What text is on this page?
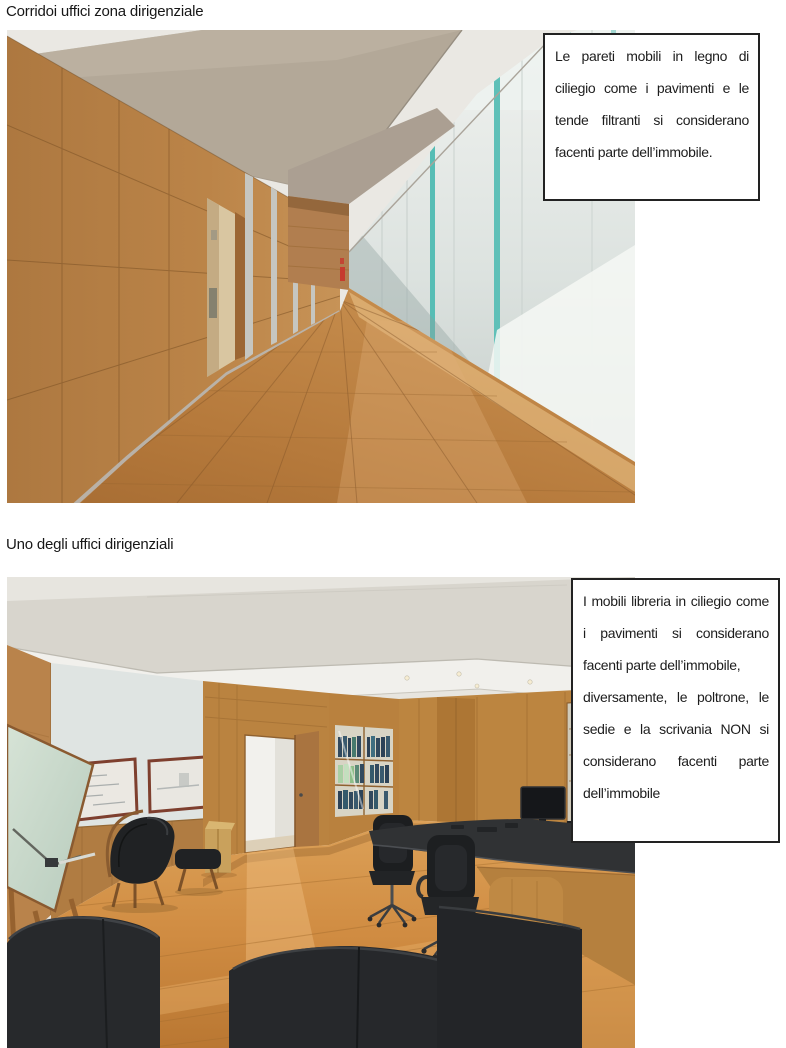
Corridoi uffici zona dirigenziale

Le pareti mobili in legno di ciliegio come i pavimenti e le tende filtranti si considerano facenti parte dell’immobile.

Uno degli uffici dirigenziali

I mobili libreria in ciliegio come i pavimenti si considerano facenti parte dell’immobile,

diversamente, le poltrone, le sedie e la scrivania NON si considerano facenti parte dell’immobile
